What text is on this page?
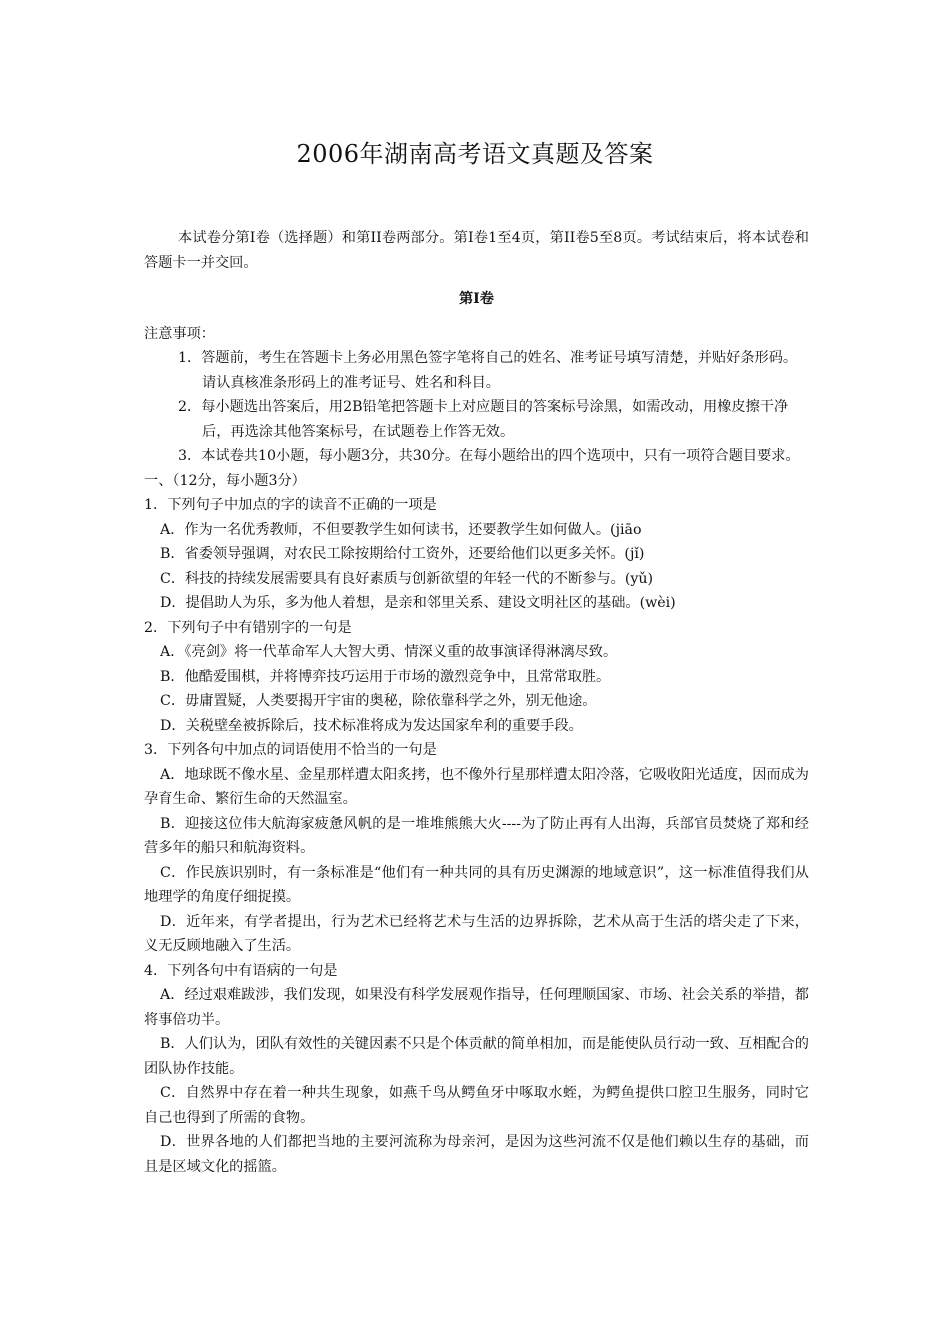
2006年湖南高考语文真题及答案

本试卷分第I卷（选择题）和第II卷两部分。第I卷1至4页，第II卷5至8页。考试结束后，将本试卷和答题卡一并交回。

第I卷

注意事项：

1．答题前，考生在答题卡上务必用黑色签字笔将自己的姓名、准考证号填写清楚，并贴好条形码。请认真核准条形码上的准考证号、姓名和科目。

2．每小题选出答案后，用2B铅笔把答题卡上对应题目的答案标号涂黑，如需改动，用橡皮擦干净后，再选涂其他答案标号，在试题卷上作答无效。

3．本试卷共10小题，每小题3分，共30分。在每小题给出的四个选项中，只有一项符合题目要求。

一、（12分，每小题3分）

1．下列句子中加点的字的读音不正确的一项是

A．作为一名优秀教师，不但要教学生如何读书，还要教学生如何做人。(jiāo

B．省委领导强调，对农民工除按期给付工资外，还要给他们以更多关怀。(jǐ)

C．科技的持续发展需要具有良好素质与创新欲望的年轻一代的不断参与。(yǔ)

D．提倡助人为乐，多为他人着想，是亲和邻里关系、建设文明社区的基础。(wèi)

2．下列句子中有错别字的一句是

A．《亮剑》将一代革命军人大智大勇、情深义重的故事演译得淋漓尽致。

B．他酷爱围棋，并将博弈技巧运用于市场的激烈竞争中，且常常取胜。

C．毋庸置疑，人类要揭开宇宙的奥秘，除依靠科学之外，别无他途。

D．关税壁垒被拆除后，技术标准将成为发达国家牟利的重要手段。

3．下列各句中加点的词语使用不恰当的一句是

A．地球既不像水星、金星那样遭太阳炙拷，也不像外行星那样遭太阳冷落，它吸收阳光适度，因而成为孕育生命、繁衍生命的天然温室。

B．迎接这位伟大航海家疲惫风帆的是一堆堆熊熊大火----为了防止再有人出海，兵部官员焚烧了郑和经营多年的船只和航海资料。

C．作民族识别时，有一条标准是“他们有一种共同的具有历史渊源的地域意识”，这一标准值得我们从地理学的角度仔细捉摸。

D．近年来，有学者提出，行为艺术已经将艺术与生活的边界拆除，艺术从高于生活的塔尖走了下来，义无反顾地融入了生活。

4．下列各句中有语病的一句是

A．经过艰难跋涉，我们发现，如果没有科学发展观作指导，任何理顺国家、市场、社会关系的举措，都将事倍功半。

B．人们认为，团队有效性的关键因素不只是个体贡献的简单相加，而是能使队员行动一致、互相配合的团队协作技能。

C．自然界中存在着一种共生现象，如燕千鸟从鳄鱼牙中啄取水蛭，为鳄鱼提供口腔卫生服务，同时它自己也得到了所需的食物。

D．世界各地的人们都把当地的主要河流称为母亲河，是因为这些河流不仅是他们赖以生存的基础，而且是区域文化的摇篮。
